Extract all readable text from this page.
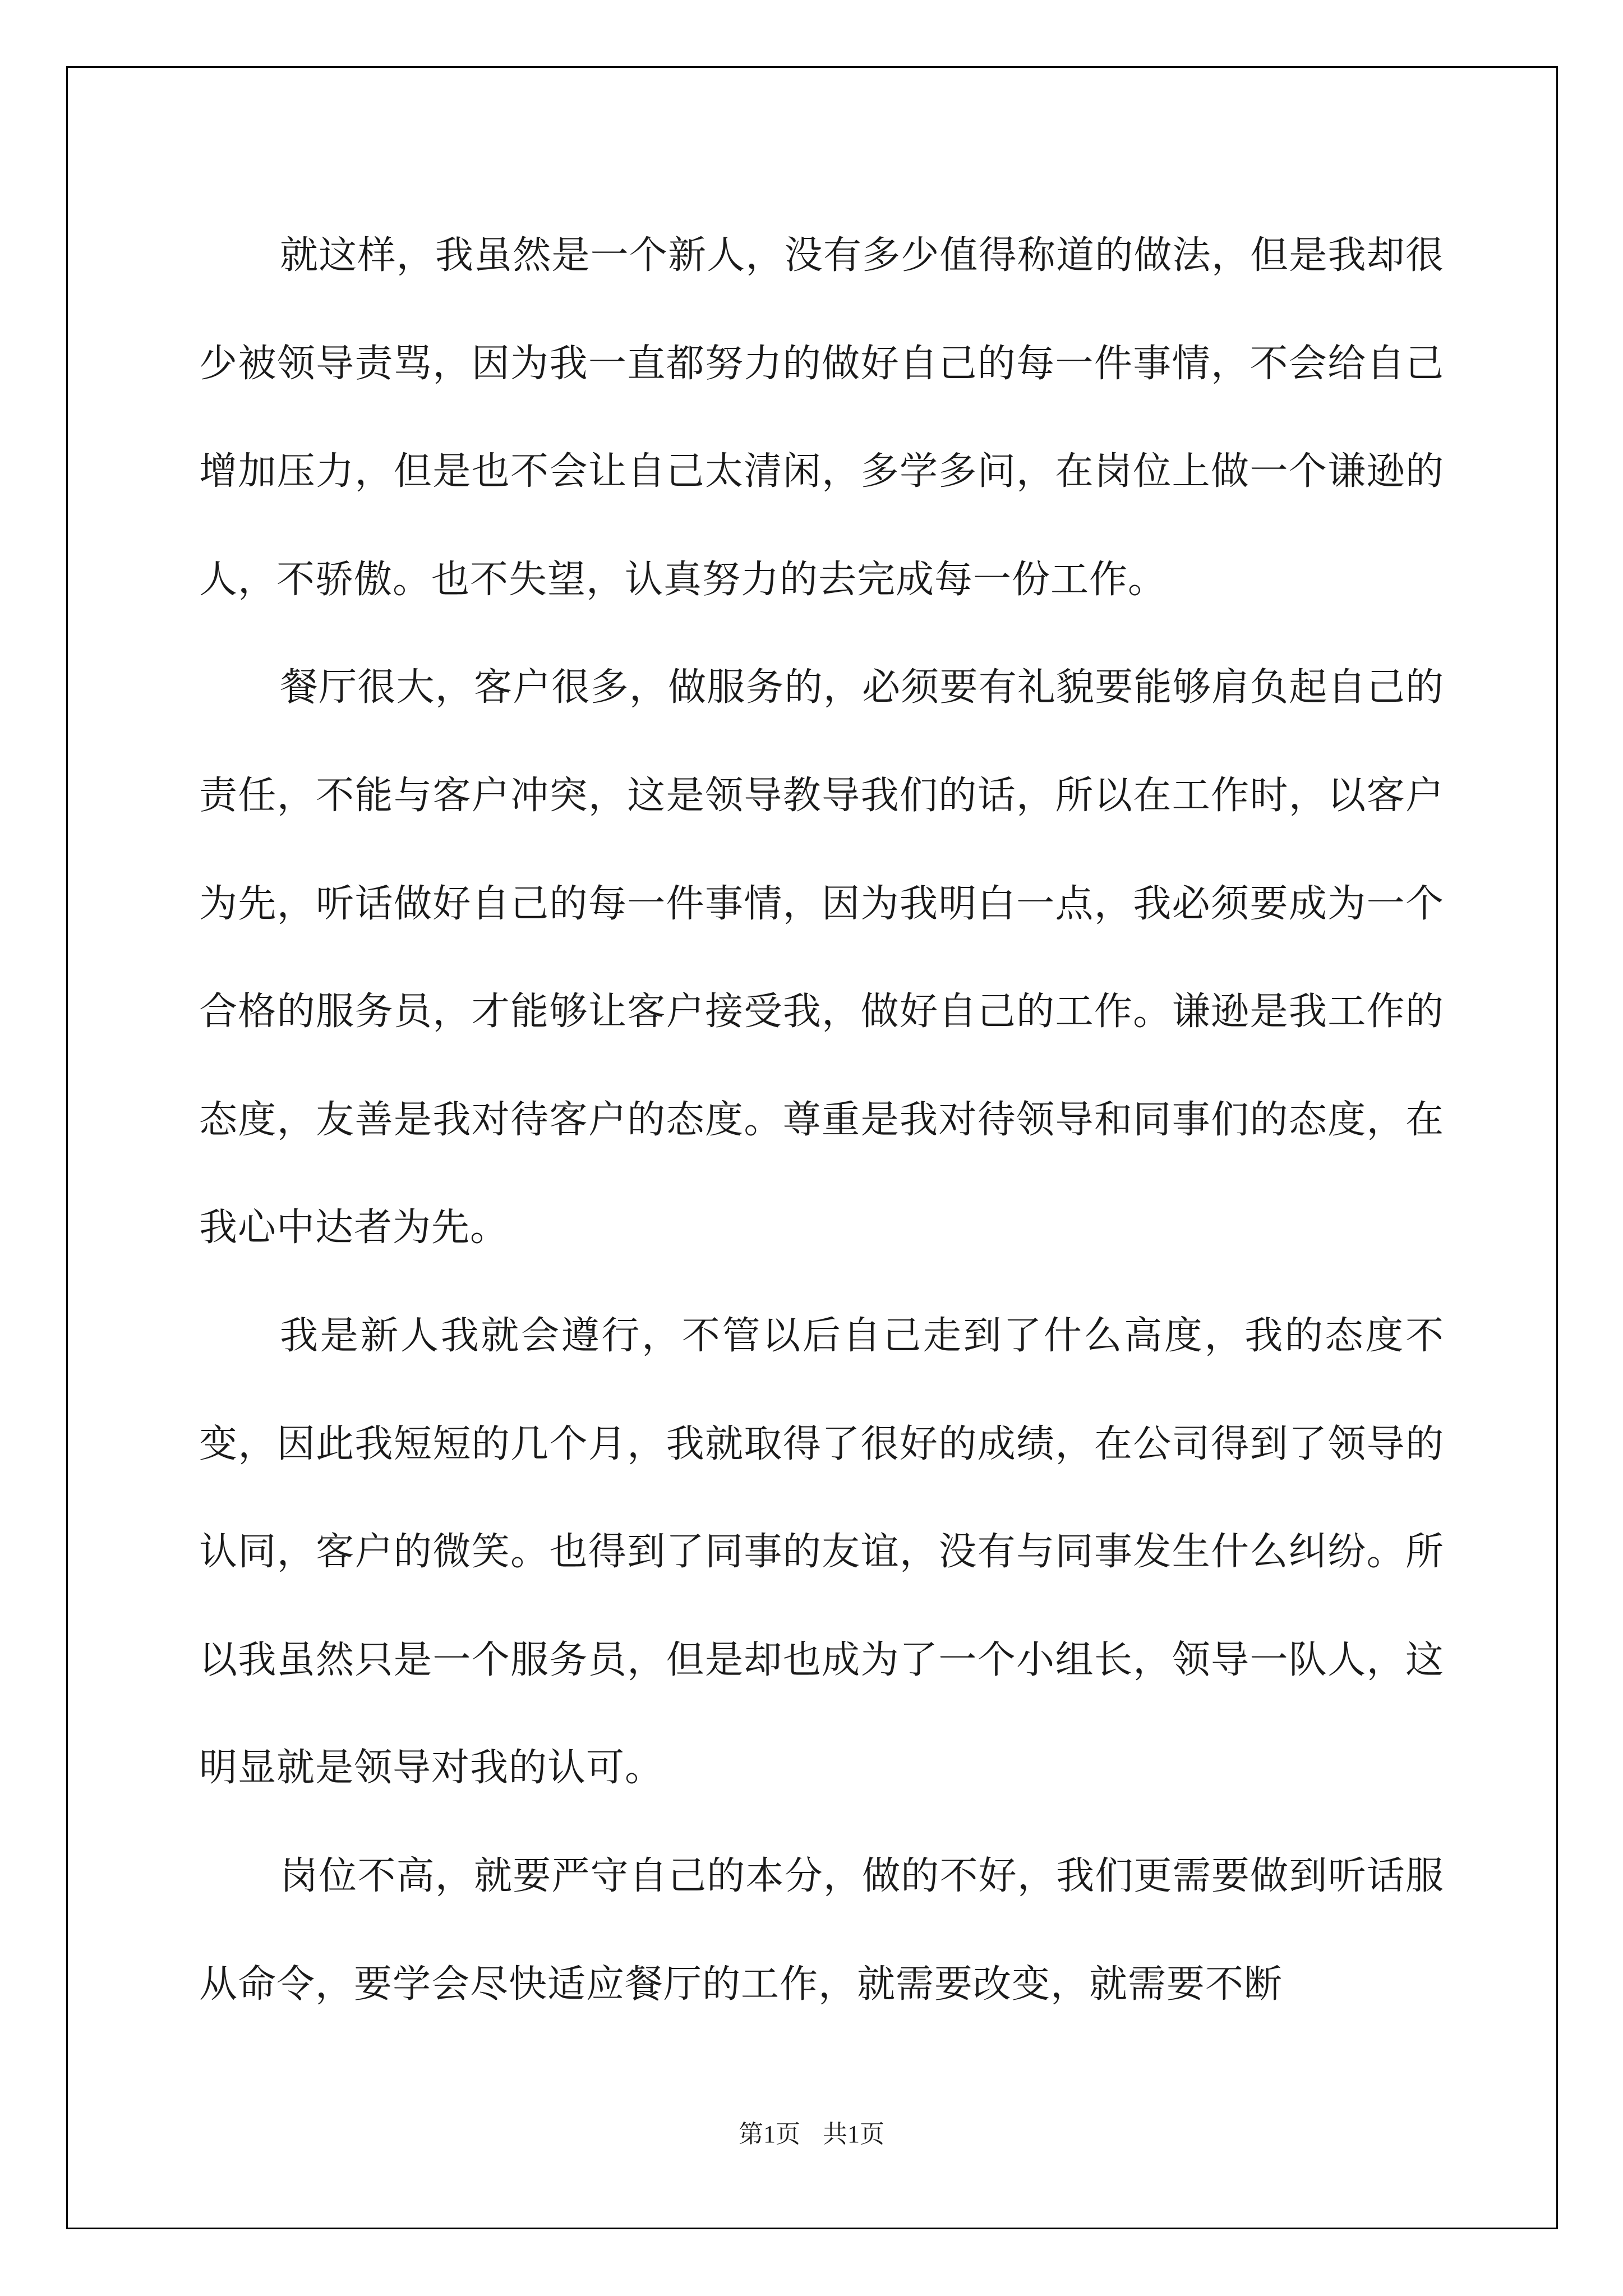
就这样，我虽然是一个新人，没有多少值得称道的做法，但是我却很少被领导责骂，因为我一直都努力的做好自己的每一件事情，不会给自己增加压力，但是也不会让自己太清闲，多学多问，在岗位上做一个谦逊的人，不骄傲。也不失望，认真努力的去完成每一份工作。

餐厅很大，客户很多，做服务的，必须要有礼貌要能够肩负起自己的责任，不能与客户冲突，这是领导教导我们的话，所以在工作时，以客户为先，听话做好自己的每一件事情，因为我明白一点，我必须要成为一个合格的服务员，才能够让客户接受我，做好自己的工作。谦逊是我工作的态度，友善是我对待客户的态度。尊重是我对待领导和同事们的态度，在我心中达者为先。

我是新人我就会遵行，不管以后自己走到了什么高度，我的态度不变，因此我短短的几个月，我就取得了很好的成绩，在公司得到了领导的认同，客户的微笑。也得到了同事的友谊，没有与同事发生什么纠纷。所以我虽然只是一个服务员，但是却也成为了一个小组长，领导一队人，这明显就是领导对我的认可。

岗位不高，就要严守自己的本分，做的不好，我们更需要做到听话服从命令，要学会尽快适应餐厅的工作，就需要改变，就需要不断

第1页 共1页
